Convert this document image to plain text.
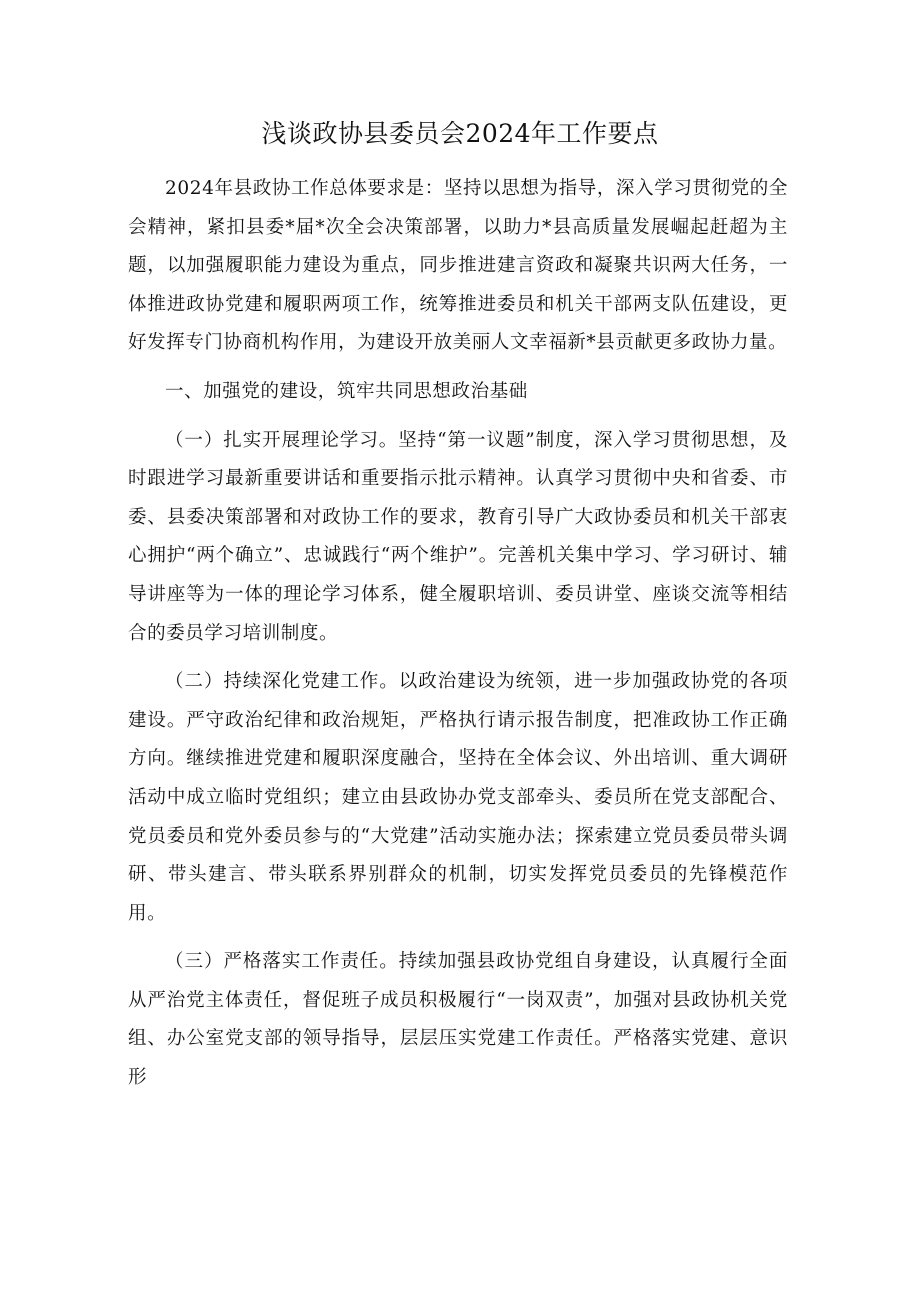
浅谈政协县委员会2024年工作要点

2024年县政协工作总体要求是：坚持以思想为指导，深入学习贯彻党的全会精神，紧扣县委*届*次全会决策部署，以助力*县高质量发展崛起赶超为主题，以加强履职能力建设为重点，同步推进建言资政和凝聚共识两大任务，一体推进政协党建和履职两项工作，统筹推进委员和机关干部两支队伍建设，更好发挥专门协商机构作用，为建设开放美丽人文幸福新*县贡献更多政协力量。

一、加强党的建设，筑牢共同思想政治基础

（一）扎实开展理论学习。坚持“第一议题”制度，深入学习贯彻思想，及时跟进学习最新重要讲话和重要指示批示精神。认真学习贯彻中央和省委、市委、县委决策部署和对政协工作的要求，教育引导广大政协委员和机关干部衷心拥护“两个确立”、忠诚践行“两个维护”。完善机关集中学习、学习研讨、辅导讲座等为一体的理论学习体系，健全履职培训、委员讲堂、座谈交流等相结合的委员学习培训制度。

（二）持续深化党建工作。以政治建设为统领，进一步加强政协党的各项建设。严守政治纪律和政治规矩，严格执行请示报告制度，把准政协工作正确方向。继续推进党建和履职深度融合，坚持在全体会议、外出培训、重大调研活动中成立临时党组织；建立由县政协办党支部牵头、委员所在党支部配合、党员委员和党外委员参与的“大党建”活动实施办法；探索建立党员委员带头调研、带头建言、带头联系界别群众的机制，切实发挥党员委员的先锋模范作用。

（三）严格落实工作责任。持续加强县政协党组自身建设，认真履行全面从严治党主体责任，督促班子成员积极履行“一岗双责”，加强对县政协机关党组、办公室党支部的领导指导，层层压实党建工作责任。严格落实党建、意识形
